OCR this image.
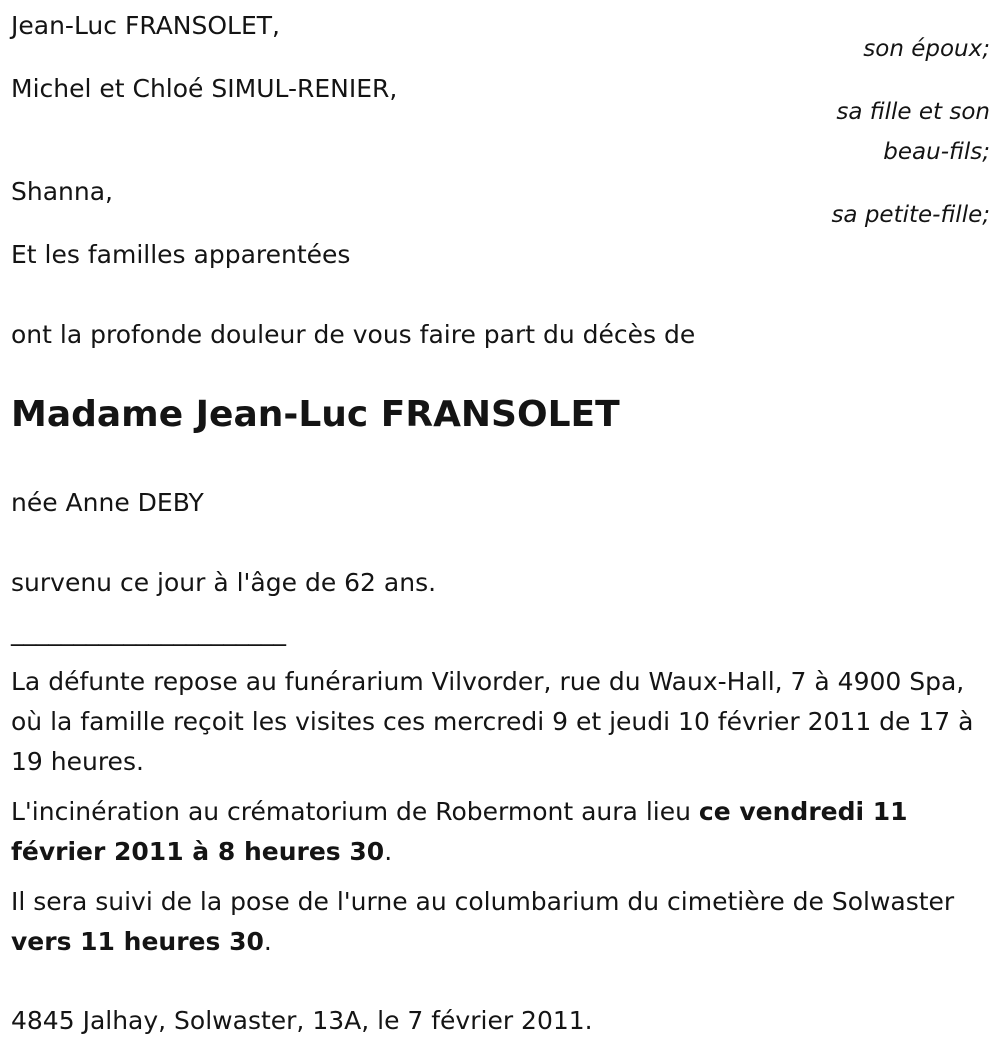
Jean-Luc FRANSOLET,
son époux;
Michel et Chloé SIMUL-RENIER,
sa fille et son
beau-fils;
Shanna,
sa petite-fille;
Et les familles apparentées
ont la profonde douleur de vous faire part du décès de
Madame Jean-Luc FRANSOLET
née Anne DEBY
survenu ce jour à l'âge de 62 ans.
______________________

La défunte repose au funérarium Vilvorder, rue du Waux-Hall, 7 à 4900 Spa, où la famille reçoit les visites ces mercredi 9 et jeudi 10 février 2011 de 17 à 19 heures.

L'incinération au crématorium de Robermont aura lieu ce vendredi 11 février 2011 à 8 heures 30.

Il sera suivi de la pose de l'urne au columbarium du cimetière de Solwaster vers 11 heures 30.

4845 Jalhay, Solwaster, 13A, le 7 février 2011.
